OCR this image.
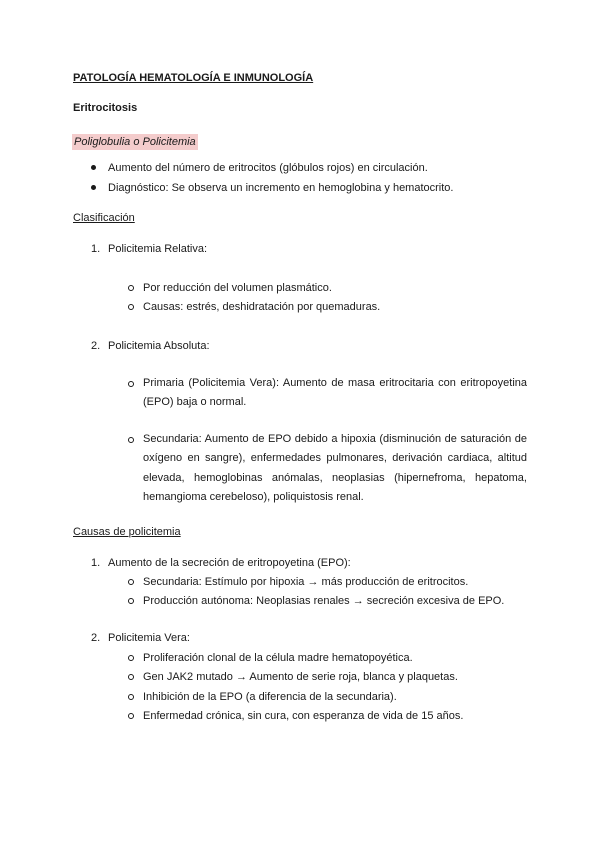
PATOLOGÍA HEMATOLOGÍA E INMUNOLOGÍA
Eritrocitosis
Poliglobulia o Policitemia
Aumento del número de eritrocitos (glóbulos rojos) en circulación.
Diagnóstico: Se observa un incremento en hemoglobina y hematocrito.
Clasificación
1. Policitemia Relativa:
Por reducción del volumen plasmático.
Causas: estrés, deshidratación por quemaduras.
2. Policitemia Absoluta:
Primaria (Policitemia Vera): Aumento de masa eritrocitaria con eritropoyetina (EPO) baja o normal.
Secundaria: Aumento de EPO debido a hipoxia (disminución de saturación de oxígeno en sangre), enfermedades pulmonares, derivación cardiaca, altitud elevada, hemoglobinas anómalas, neoplasias (hipernefroma, hepatoma, hemangioma cerebeloso), poliquistosis renal.
Causas de policitemia
1. Aumento de la secreción de eritropoyetina (EPO):
Secundaria: Estímulo por hipoxia → más producción de eritrocitos.
Producción autónoma: Neoplasias renales → secreción excesiva de EPO.
2. Policitemia Vera:
Proliferación clonal de la célula madre hematopoyética.
Gen JAK2 mutado → Aumento de serie roja, blanca y plaquetas.
Inhibición de la EPO (a diferencia de la secundaria).
Enfermedad crónica, sin cura, con esperanza de vida de 15 años.
